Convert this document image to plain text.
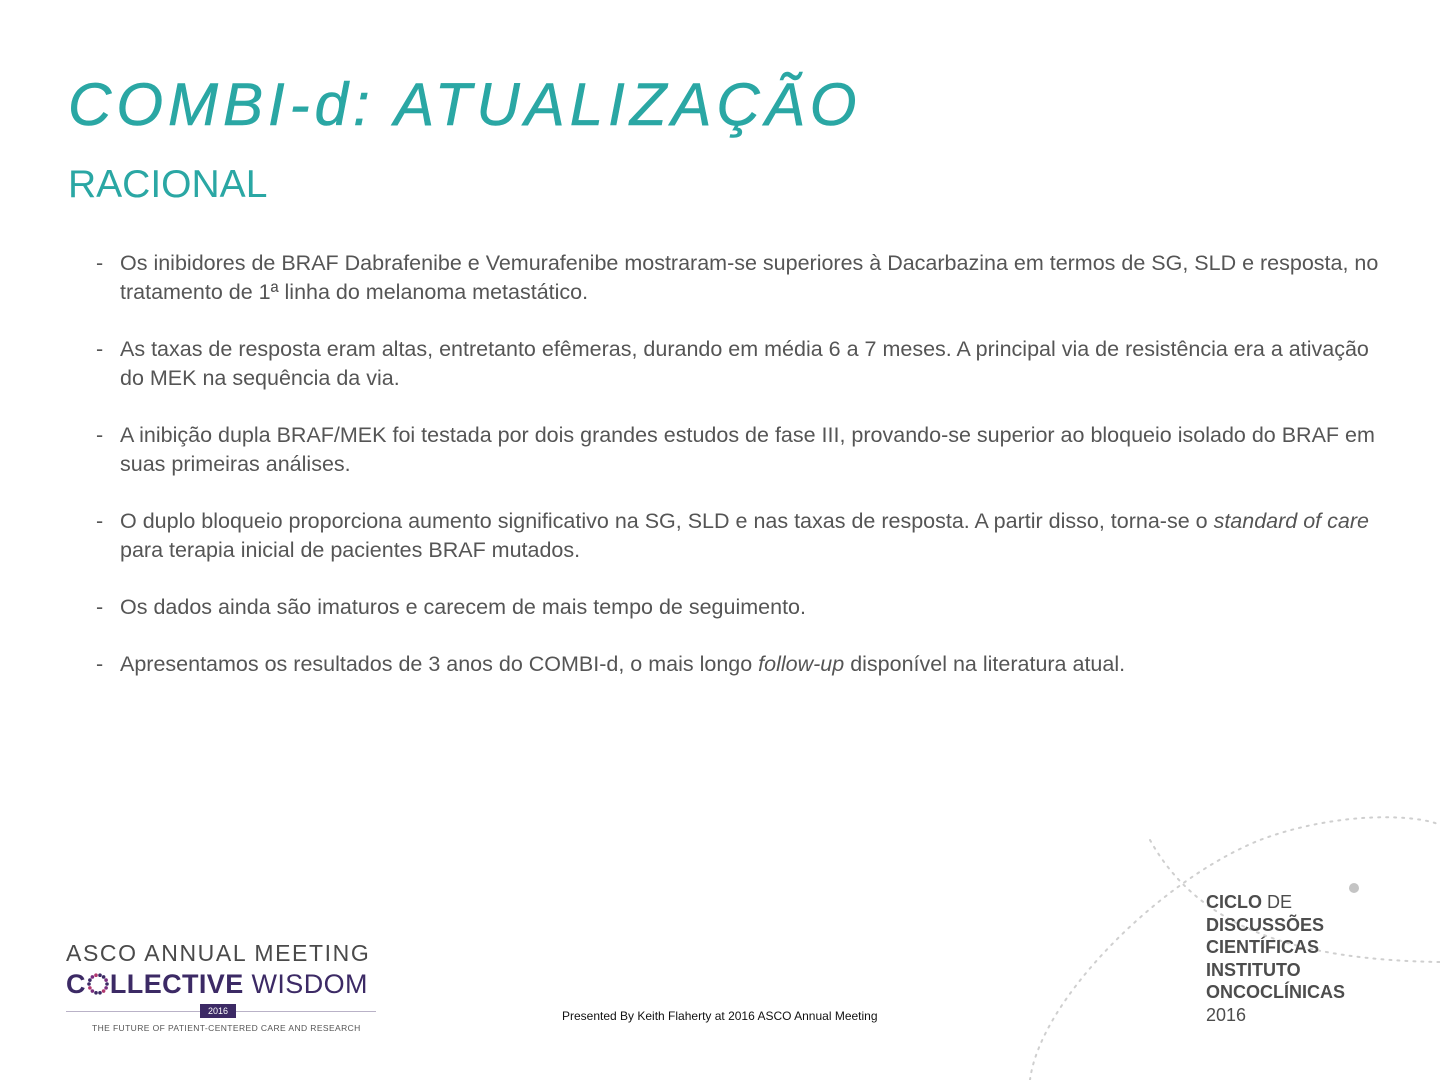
COMBI-d: ATUALIZAÇÃO
RACIONAL
- Os inibidores de BRAF Dabrafenibe e Vemurafenibe mostraram-se superiores à Dacarbazina em termos de SG, SLD e resposta, no tratamento de 1ª linha do melanoma metastático.
- As taxas de resposta eram altas, entretanto efêmeras, durando em média 6 a 7 meses. A principal via de resistência era a ativação do MEK na sequência da via.
- A inibição dupla BRAF/MEK foi testada por dois grandes estudos de fase III, provando-se superior ao bloqueio isolado do BRAF em suas primeiras análises.
- O duplo bloqueio proporciona aumento significativo na SG, SLD e nas taxas de resposta. A partir disso, torna-se o standard of care para terapia inicial de pacientes BRAF mutados.
- Os dados ainda são imaturos e carecem de mais tempo de seguimento.
- Apresentamos os resultados de 3 anos do COMBI-d, o mais longo follow-up disponível na literatura atual.
CICLO DE
DISCUSSÕES
CIENTÍFICAS
INSTITUTO
ONCOCLÍNICAS
2016
Presented By Keith Flaherty at 2016 ASCO Annual Meeting
ASCO ANNUAL MEETING
C LLECTIVE WISDOM
2016
THE FUTURE OF PATIENT-CENTERED CARE AND RESEARCH
